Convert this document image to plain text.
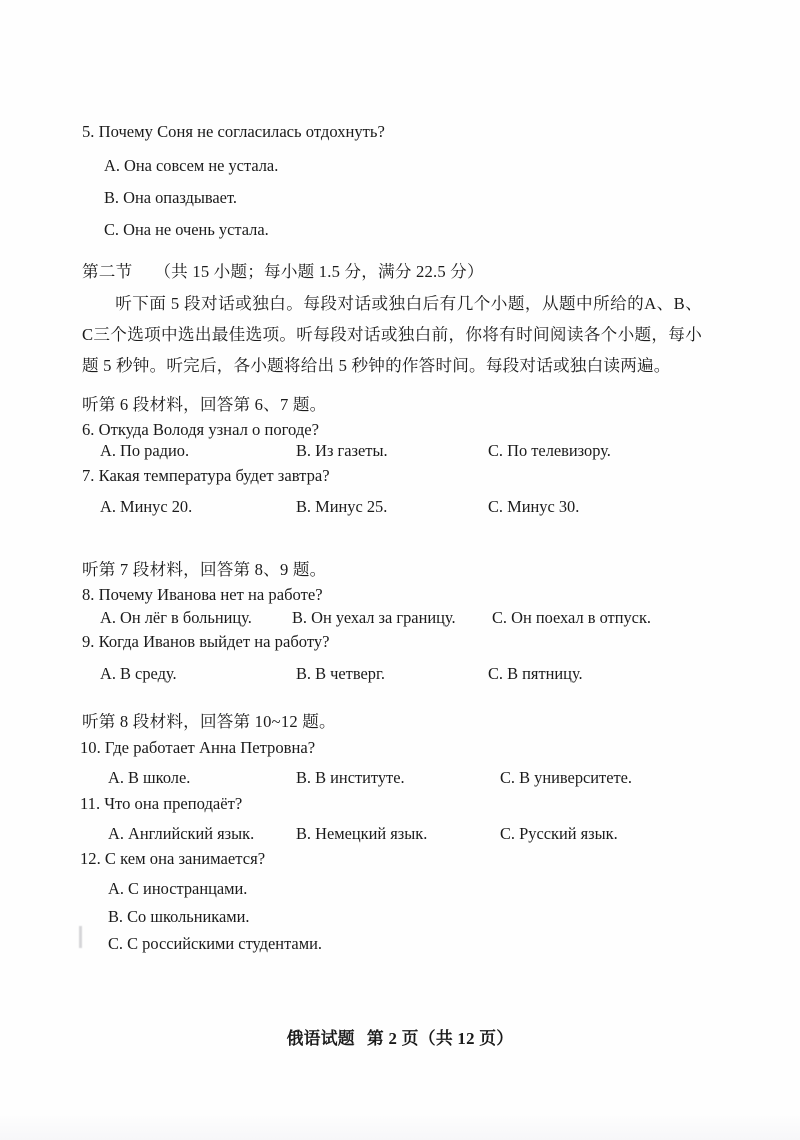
5. Почему Соня не согласилась отдохнуть?
A. Она совсем не устала.
B. Она опаздывает.
C. Она не очень устала.
第二节 （共 15 小题；每小题 1.5 分，满分 22.5 分）
听下面 5 段对话或独白。每段对话或独白后有几个小题，从题中所给的A、B、C三个选项中选出最佳选项。听每段对话或独白前，你将有时间阅读各个小题，每小题 5 秒钟。听完后，各小题将给出 5 秒钟的作答时间。每段对话或独白读两遍。
听第 6 段材料，回答第 6、7 题。
6. Откуда Володя узнал о погоде?
A. По радио.	B. Из газеты.	C. По телевизору.
7. Какая температура будет завтра?
A. Минус 20.	B. Минус 25.	C. Минус 30.
听第 7 段材料，回答第 8、9 题。
8. Почему Иванова нет на работе?
A. Он лёг в больницу. B. Он уехал за границу. C. Он поехал в отпуск.
9. Когда Иванов выйдет на работу?
A. В среду.	B. В четверг.	C. В пятницу.
听第 8 段材料，回答第 10~12 题。
10. Где работает Анна Петровна?
A. В школе.	B. В институте.	C. В университете.
11. Что она преподаёт?
A. Английский язык.	B. Немецкий язык.	C. Русский язык.
12. С кем она занимается?
A. С иностранцами.
B. Со школьниками.
C. С российскими студентами.
俄语试题 第 2 页（共 12 页）
